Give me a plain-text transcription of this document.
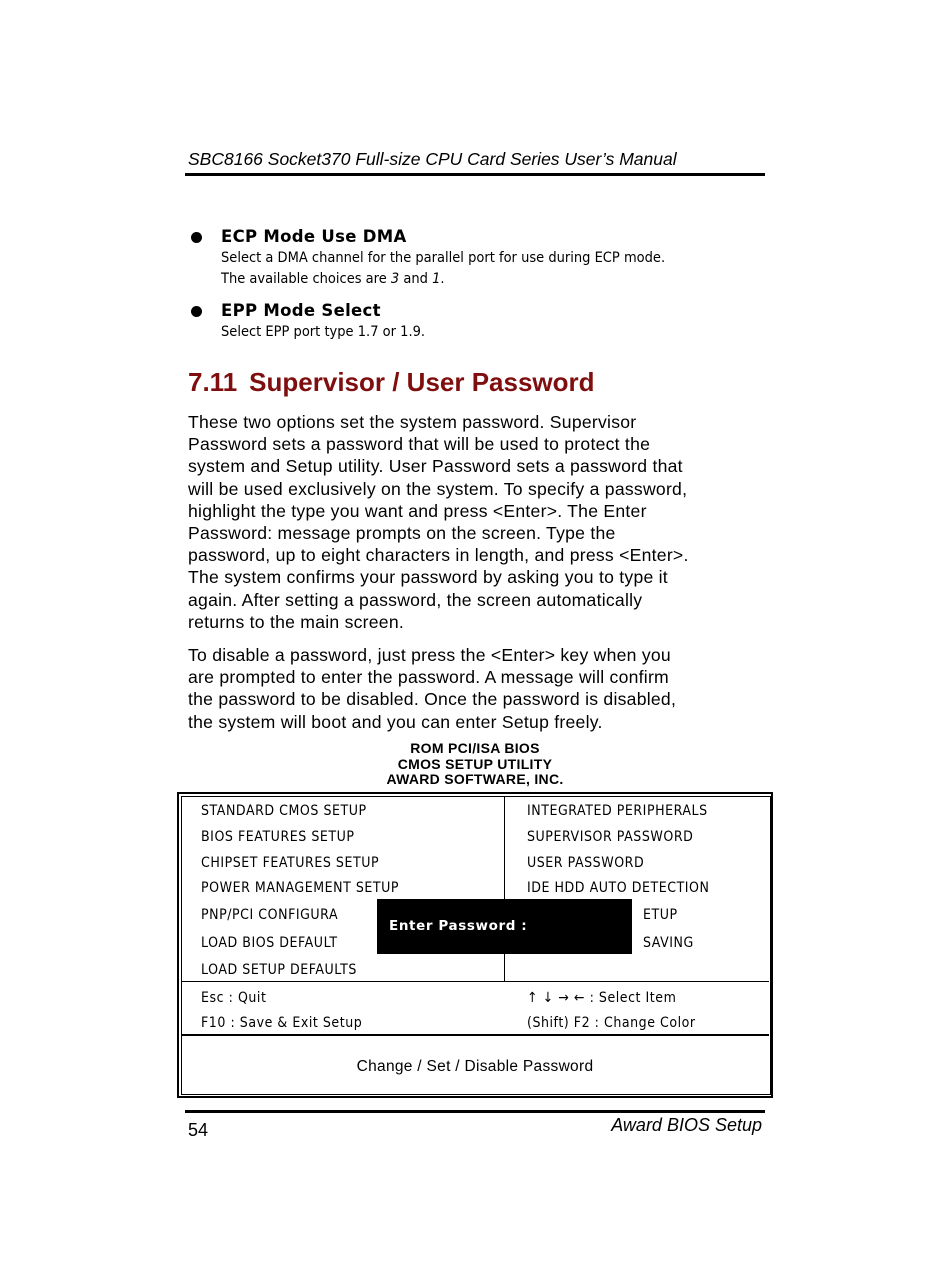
SBC8166 Socket370 Full-size CPU Card Series User’s Manual
ECP Mode Use DMA
Select a DMA channel for the parallel port for use during ECP mode.
The available choices are 3 and 1.
EPP Mode Select
Select EPP port type 1.7 or 1.9.
7.11 Supervisor / User Password
These two options set the system password. Supervisor
Password sets a password that will be used to protect the
system and Setup utility. User Password sets a password that
will be used exclusively on the system. To specify a password,
highlight the type you want and press <Enter>. The Enter
Password: message prompts on the screen. Type the
password, up to eight characters in length, and press <Enter>.
The system confirms your password by asking you to type it
again. After setting a password, the screen automatically
returns to the main screen.
To disable a password, just press the <Enter> key when you
are prompted to enter the password. A message will confirm
the password to be disabled. Once the password is disabled,
the system will boot and you can enter Setup freely.
ROM PCI/ISA BIOS
CMOS SETUP UTILITY
AWARD SOFTWARE, INC.
STANDARD CMOS SETUP
BIOS FEATURES SETUP
CHIPSET FEATURES SETUP
POWER MANAGEMENT SETUP
PNP/PCI CONFIGURA
LOAD BIOS DEFAULT
LOAD SETUP DEFAULTS
INTEGRATED PERIPHERALS
SUPERVISOR PASSWORD
USER PASSWORD
IDE HDD AUTO DETECTION
ETUP
SAVING
Enter Password :
Esc : Quit
F10 : Save & Exit Setup
↑ ↓ → ← : Select Item
(Shift) F2 : Change Color
Change / Set / Disable Password
54	Award BIOS Setup
